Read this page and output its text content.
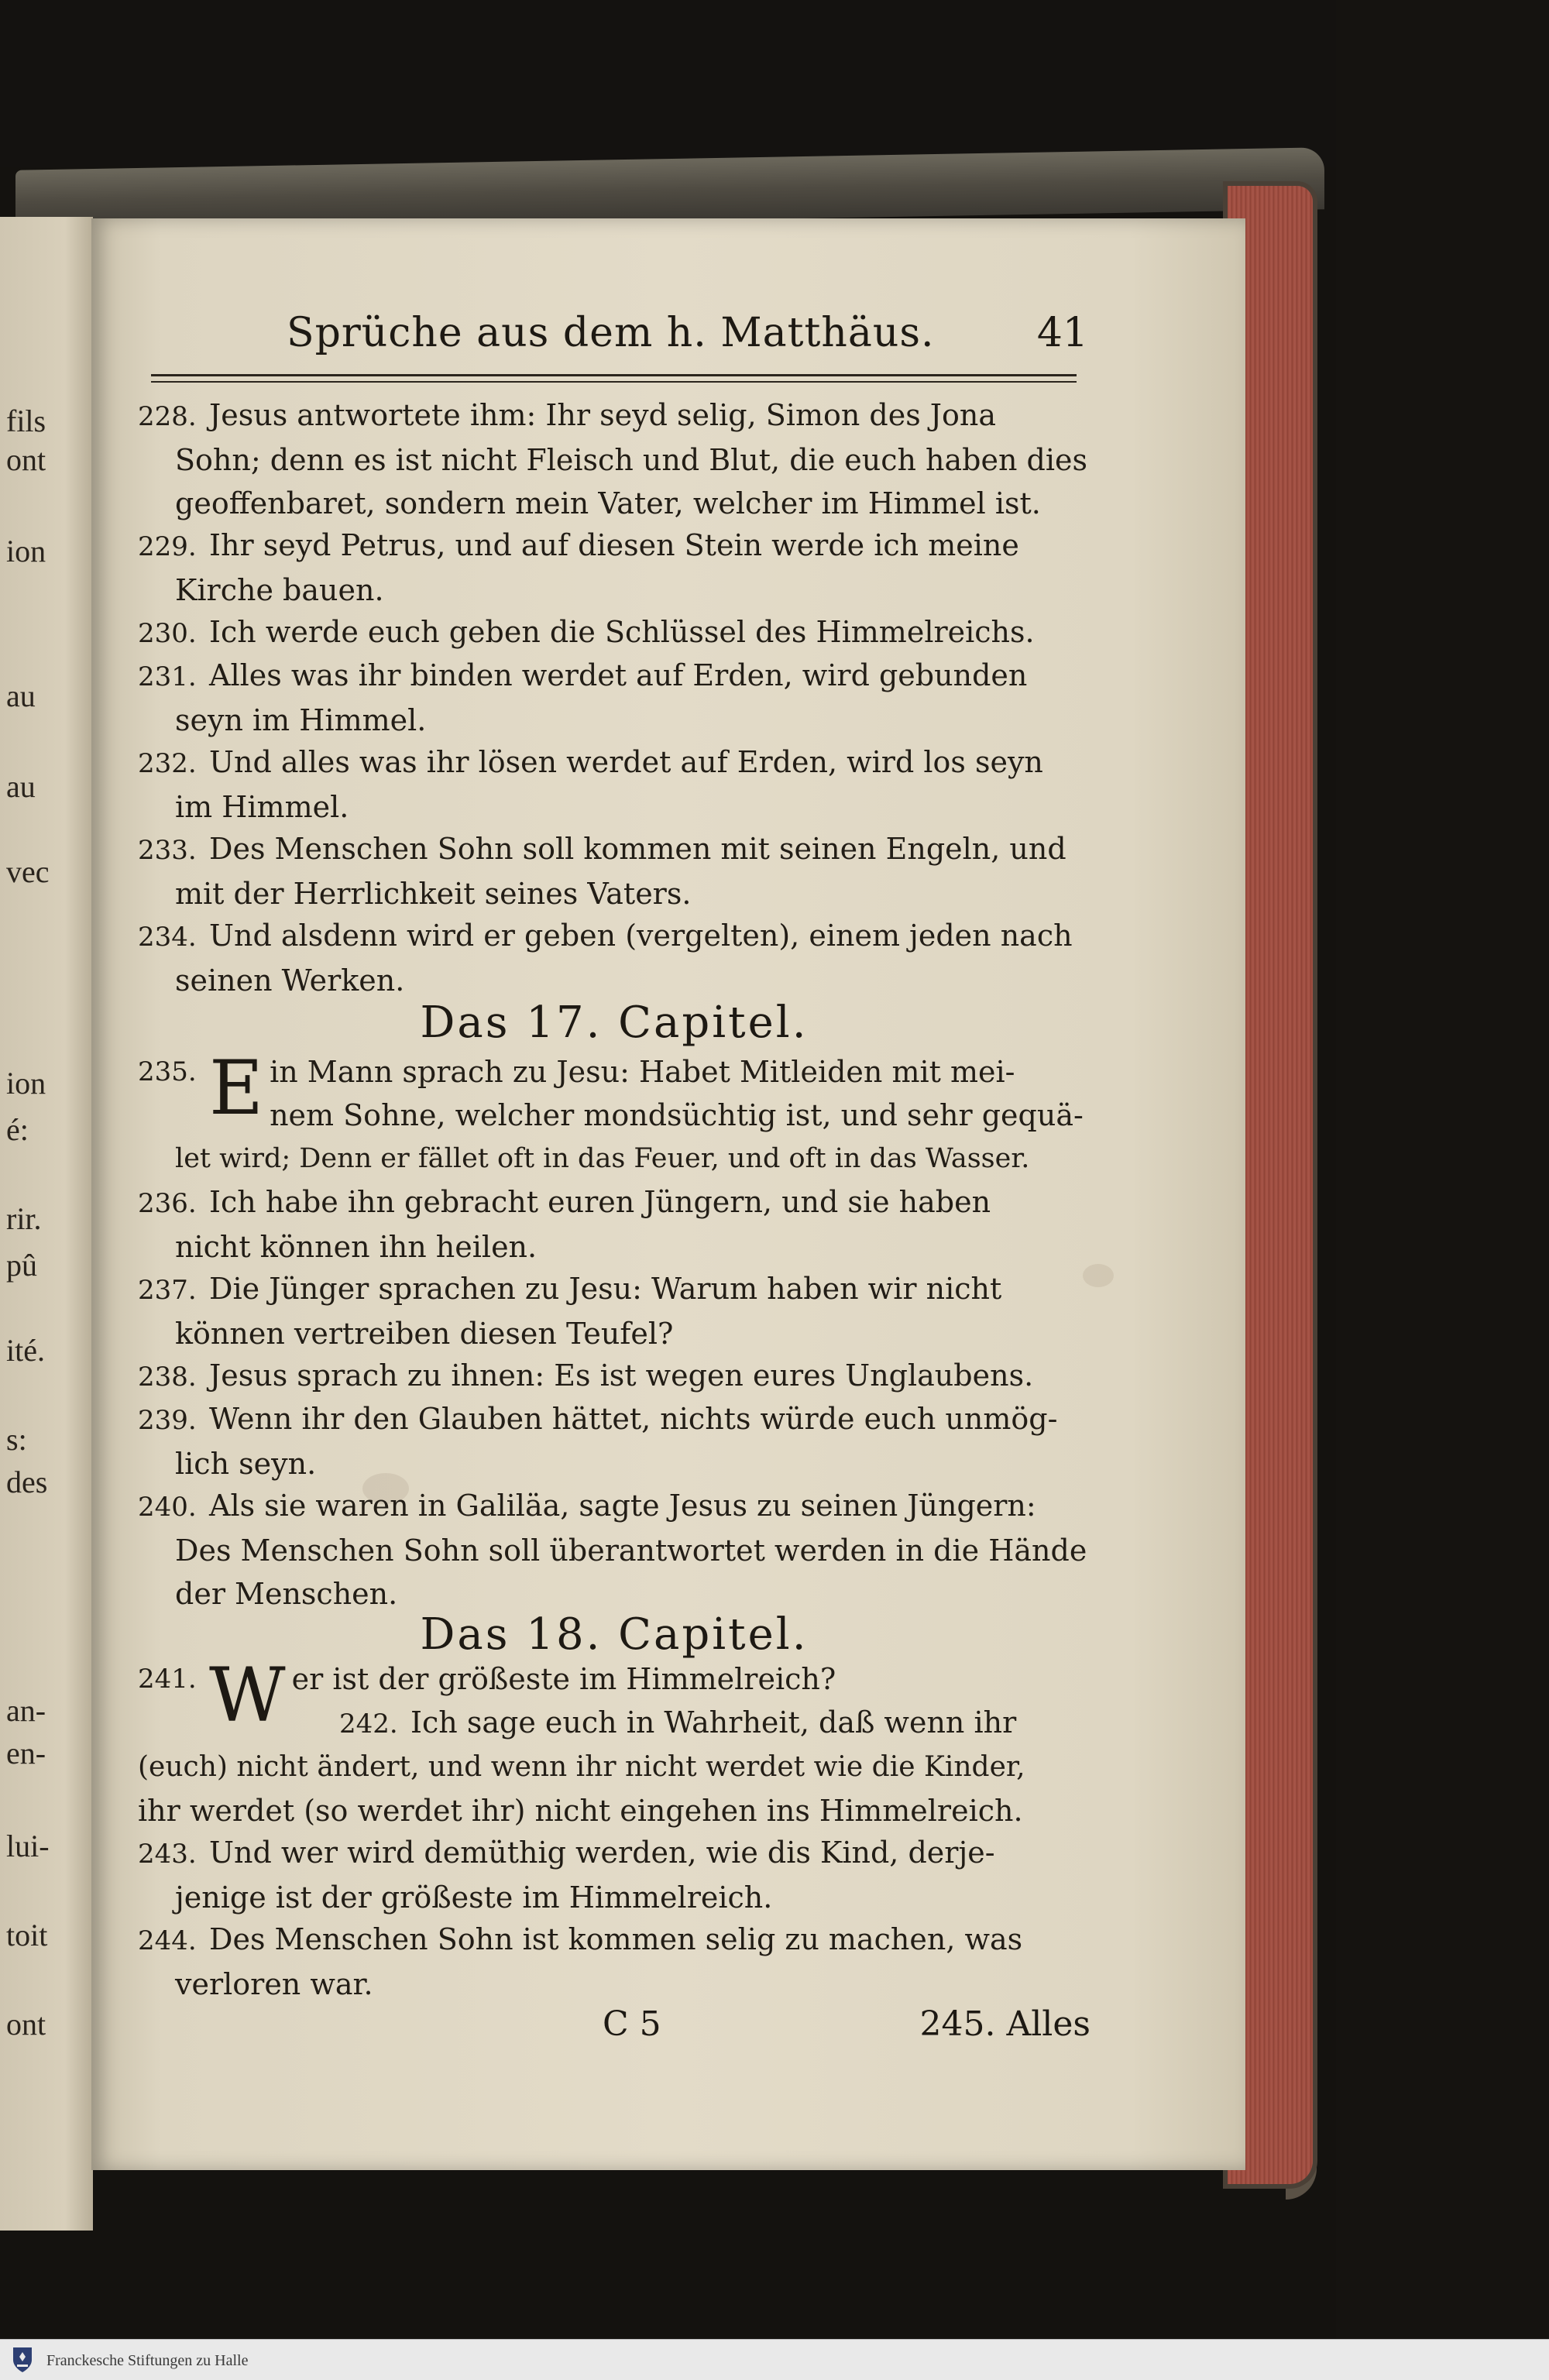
fils
ont
ion
au
au
vec
ion
é:
rir.
pû
ité.
s:
des
an-
en-
lui-
toit
ont
Sprüche aus dem h. Matthäus.	41
228. Jesus antwortete ihm: Ihr seyd selig, Simon des Jona
Sohn; denn es ist nicht Fleisch und Blut, die euch haben dies
geoffenbaret, sondern mein Vater, welcher im Himmel ist.
229. Ihr seyd Petrus, und auf diesen Stein werde ich meine
Kirche bauen.
230. Ich werde euch geben die Schlüssel des Himmelreichs.
231. Alles was ihr binden werdet auf Erden, wird gebunden
seyn im Himmel.
232. Und alles was ihr lösen werdet auf Erden, wird los seyn
im Himmel.
233. Des Menschen Sohn soll kommen mit seinen Engeln, und
mit der Herrlichkeit seines Vaters.
234. Und alsdenn wird er geben (vergelten), einem jeden nach
seinen Werken.
Das 17. Capitel.
235. E in Mann sprach zu Jesu: Habet Mitleiden mit mei-
nem Sohne, welcher mondsüchtig ist, und sehr gequä-
let wird; Denn er fället oft in das Feuer, und oft in das Wasser.
236. Ich habe ihn gebracht euren Jüngern, und sie haben
nicht können ihn heilen.
237. Die Jünger sprachen zu Jesu: Warum haben wir nicht
können vertreiben diesen Teufel?
238. Jesus sprach zu ihnen: Es ist wegen eures Unglaubens.
239. Wenn ihr den Glauben hättet, nichts würde euch unmög-
lich seyn.
240. Als sie waren in Galiläa, sagte Jesus zu seinen Jüngern:
Des Menschen Sohn soll überantwortet werden in die Hände
der Menschen.
Das 18. Capitel.
241. W er ist der größeste im Himmelreich?
242. Ich sage euch in Wahrheit, daß wenn ihr
(euch) nicht ändert, und wenn ihr nicht werdet wie die Kinder,
ihr werdet (so werdet ihr) nicht eingehen ins Himmelreich.
243. Und wer wird demüthig werden, wie dis Kind, derje-
jenige ist der größeste im Himmelreich.
244. Des Menschen Sohn ist kommen selig zu machen, was
verloren war.
C 5	245. Alles
Franckesche Stiftungen zu Halle
